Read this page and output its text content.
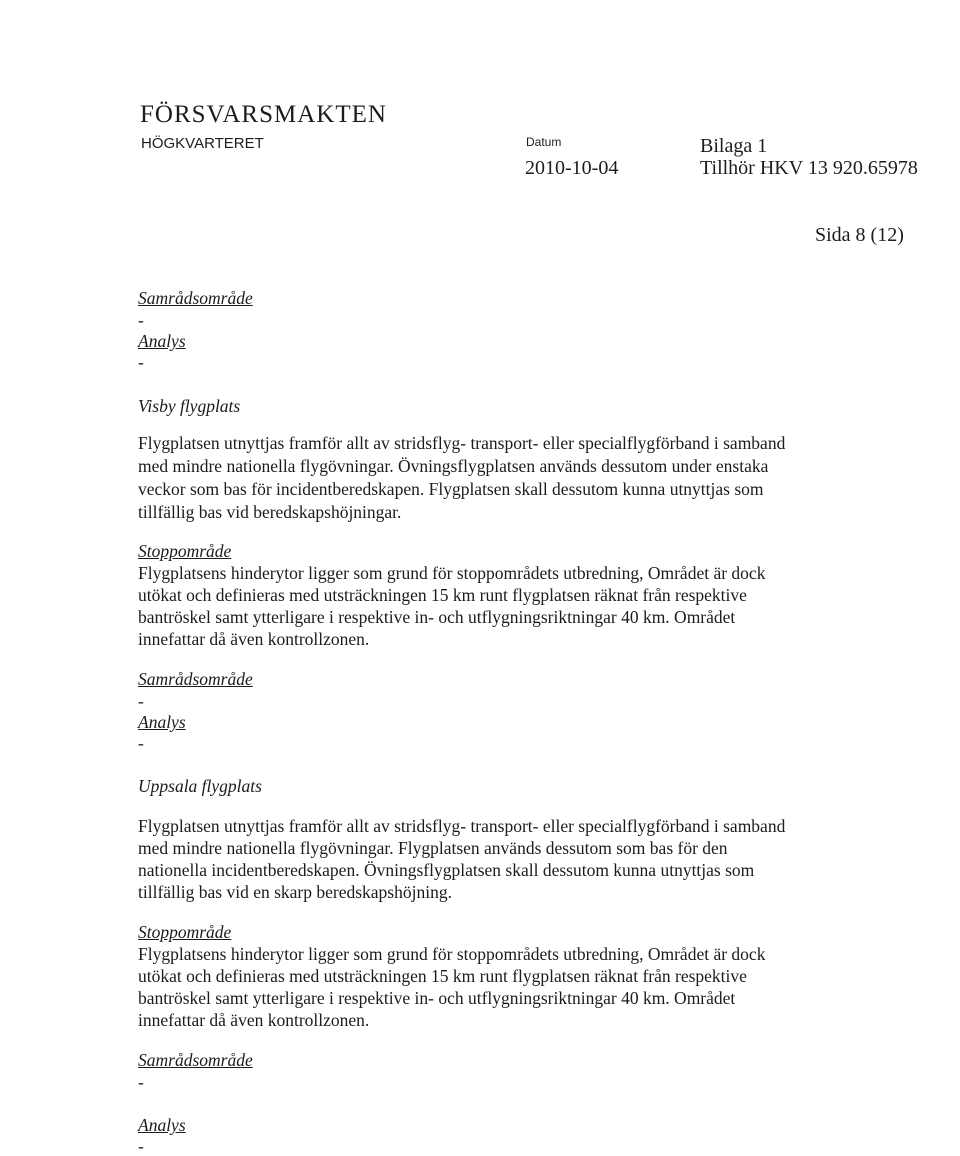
FÖRSVARSMAKTEN
HÖGKVARTERET	Datum
2010-10-04
Bilaga 1
Tillhör HKV 13 920.65978
Sida 8 (12)
Samrådsområde
-
Analys
-
Visby flygplats
Flygplatsen utnyttjas framför allt av stridsflyg- transport- eller specialflygförband i samband
med mindre nationella flygövningar. Övningsflygplatsen används dessutom under enstaka
veckor som bas för incidentberedskapen. Flygplatsen skall dessutom kunna utnyttjas som
tillfällig bas vid beredskapshöjningar.
Stoppområde
Flygplatsens hinderytor ligger som grund för stoppområdets utbredning, Området är dock
utökat och definieras med utsträckningen 15 km runt flygplatsen räknat från respektive
bantröskel samt ytterligare i respektive in- och utflygningsriktningar 40 km. Området
innefattar då även kontrollzonen.
Samrådsområde
-
Analys
-
Uppsala flygplats
Flygplatsen utnyttjas framför allt av stridsflyg- transport- eller specialflygförband i samband
med mindre nationella flygövningar. Flygplatsen används dessutom som bas för den
nationella incidentberedskapen. Övningsflygplatsen skall dessutom kunna utnyttjas som
tillfällig bas vid en skarp beredskapshöjning.
Stoppområde
Flygplatsens hinderytor ligger som grund för stoppområdets utbredning, Området är dock
utökat och definieras med utsträckningen 15 km runt flygplatsen räknat från respektive
bantröskel samt ytterligare i respektive in- och utflygningsriktningar 40 km. Området
innefattar då även kontrollzonen.
Samrådsområde
-
Analys
-
